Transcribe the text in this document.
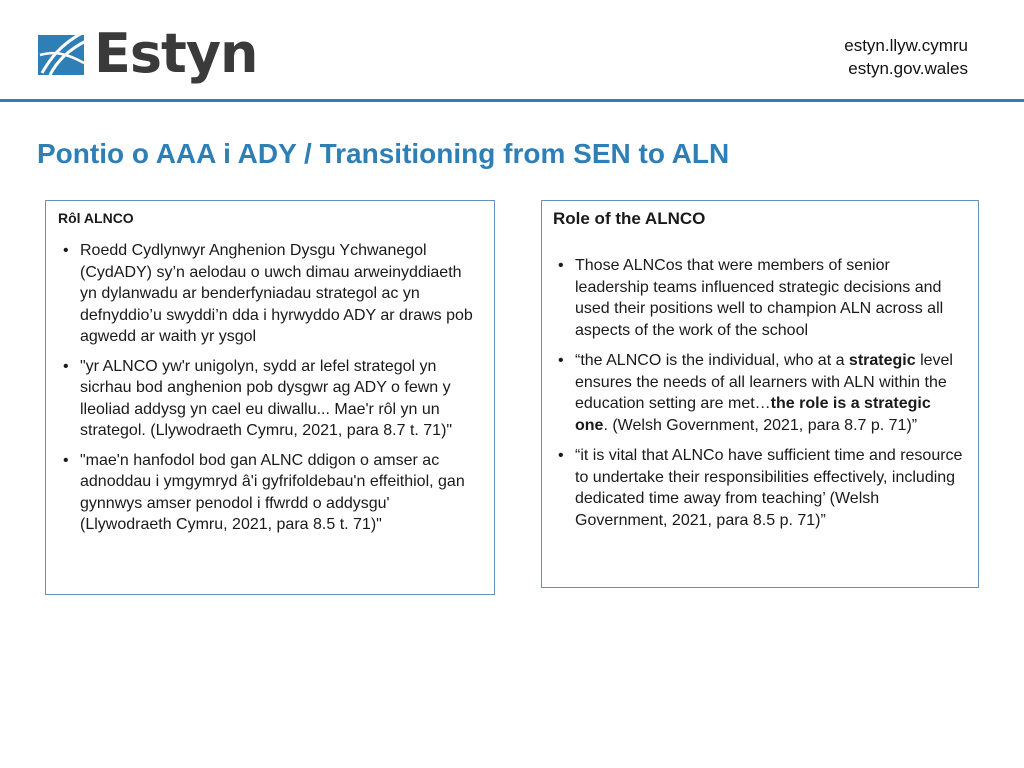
Estyn	estyn.llyw.cymru
estyn.gov.wales
Pontio o AAA i ADY / Transitioning from SEN to ALN

Rôl ALNCO

• Roedd Cydlynwyr Anghenion Dysgu Ychwanegol (CydADY) sy’n aelodau o uwch dimau arweinyddiaeth yn dylanwadu ar benderfyniadau strategol ac yn defnyddio’u swyddi’n dda i hyrwyddo ADY ar draws pob agwedd ar waith yr ysgol
• "yr ALNCO yw'r unigolyn, sydd ar lefel strategol yn sicrhau bod anghenion pob dysgwr ag ADY o fewn y lleoliad addysg yn cael eu diwallu... Mae'r rôl yn un strategol. (Llywodraeth Cymru, 2021, para 8.7 t. 71)"
• "mae'n hanfodol bod gan ALNC ddigon o amser ac adnoddau i ymgymryd â'i gyfrifoldebau'n effeithiol, gan gynnwys amser penodol i ffwrdd o addysgu' (Llywodraeth Cymru, 2021, para 8.5 t. 71)"

Role of the ALNCO

• Those ALNCos that were members of senior leadership teams influenced strategic decisions and used their positions well to champion ALN across all aspects of the work of the school
• “the ALNCO is the individual, who at a strategic level ensures the needs of all learners with ALN within the education setting are met…the role is a strategic one. (Welsh Government, 2021, para 8.7 p. 71)”
• “it is vital that ALNCo have sufficient time and resource to undertake their responsibilities effectively, including dedicated time away from teaching’ (Welsh Government, 2021, para 8.5 p. 71)”
